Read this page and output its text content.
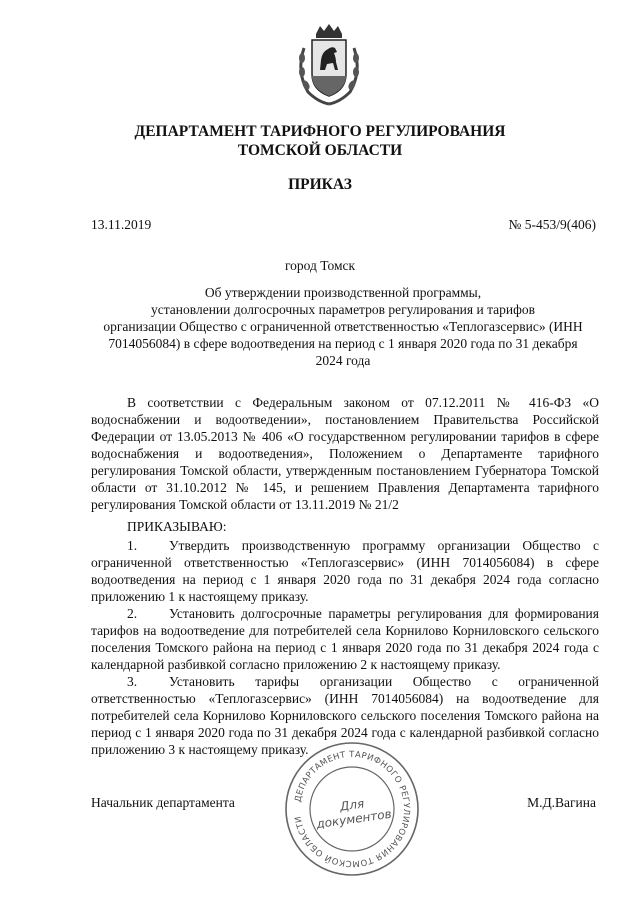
ДЕПАРТАМЕНТ ТАРИФНОГО РЕГУЛИРОВАНИЯ
ТОМСКОЙ ОБЛАСТИ
ПРИКАЗ
13.11.2019	№ 5-453/9(406)
город Томск
Об утверждении производственной программы,
установлении долгосрочных параметров регулирования и тарифов
организации Общество с ограниченной ответственностью «Теплогазсервис» (ИНН
7014056084) в сфере водоотведения на период с 1 января 2020 года по 31 декабря
2024 года
В соответствии с Федеральным законом от 07.12.2011 № 416-ФЗ «О водоснабжении и водоотведении», постановлением Правительства Российской Федерации от 13.05.2013 № 406 «О государственном регулировании тарифов в сфере водоснабжения и водоотведения», Положением о Департаменте тарифного регулирования Томской области, утвержденным постановлением Губернатора Томской области от 31.10.2012 № 145, и решением Правления Департамента тарифного регулирования Томской области от 13.11.2019 № 21/2
ПРИКАЗЫВАЮ:
1. Утвердить производственную программу организации Общество с ограниченной ответственностью «Теплогазсервис» (ИНН 7014056084) в сфере водоотведения на период с 1 января 2020 года по 31 декабря 2024 года согласно приложению 1 к настоящему приказу.
2. Установить долгосрочные параметры регулирования для формирования тарифов на водоотведение для потребителей села Корнилово Корниловского сельского поселения Томского района на период с 1 января 2020 года по 31 декабря 2024 года с календарной разбивкой согласно приложению 2 к настоящему приказу.
3. Установить тарифы организации Общество с ограниченной ответственностью «Теплогазсервис» (ИНН 7014056084) на водоотведение для потребителей села Корнилово Корниловского сельского поселения Томского района на период с 1 января 2020 года по 31 декабря 2024 года с календарной разбивкой согласно приложению 3 к настоящему приказу.
Начальник департамента	М.Д.Вагина
ДЕПАРТАМЕНТ ТАРИФНОГО РЕГУЛИРОВАНИЯ ТОМСКОЙ ОБЛАСТИ
Для документов
